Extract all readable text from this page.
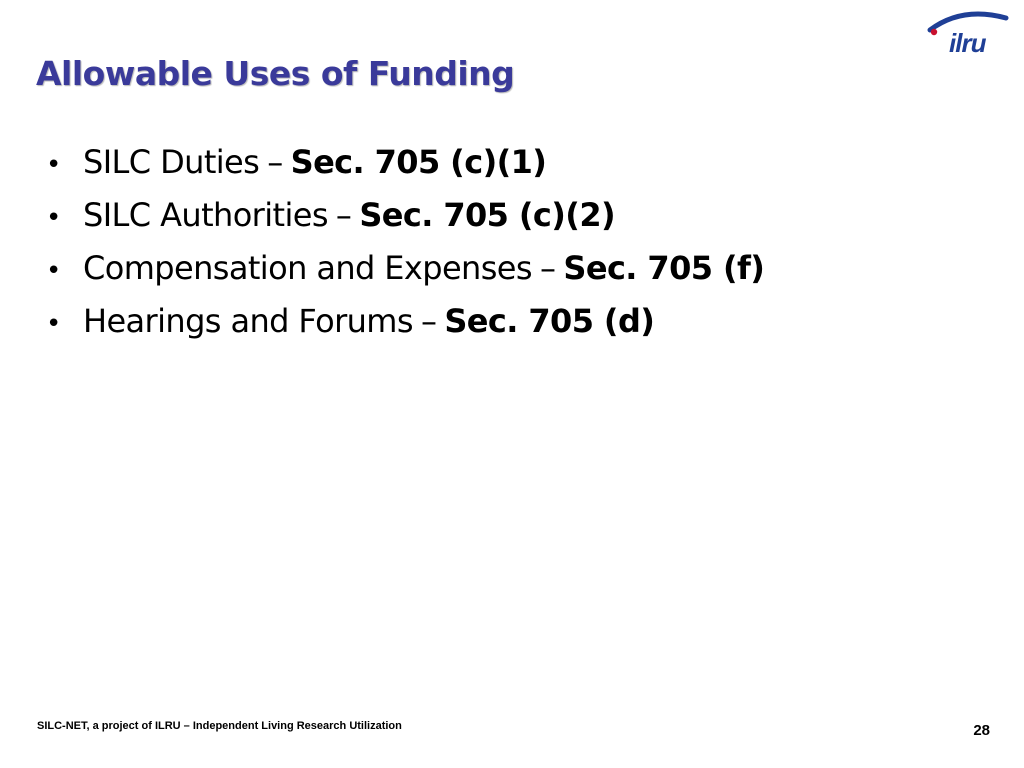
Allowable Uses of Funding
ilru
• SILC Duties – Sec. 705 (c)(1)
• SILC Authorities – Sec. 705 (c)(2)
• Compensation and Expenses – Sec. 705 (f)
• Hearings and Forums – Sec. 705 (d)
SILC-NET, a project of ILRU – Independent Living Research Utilization	28
